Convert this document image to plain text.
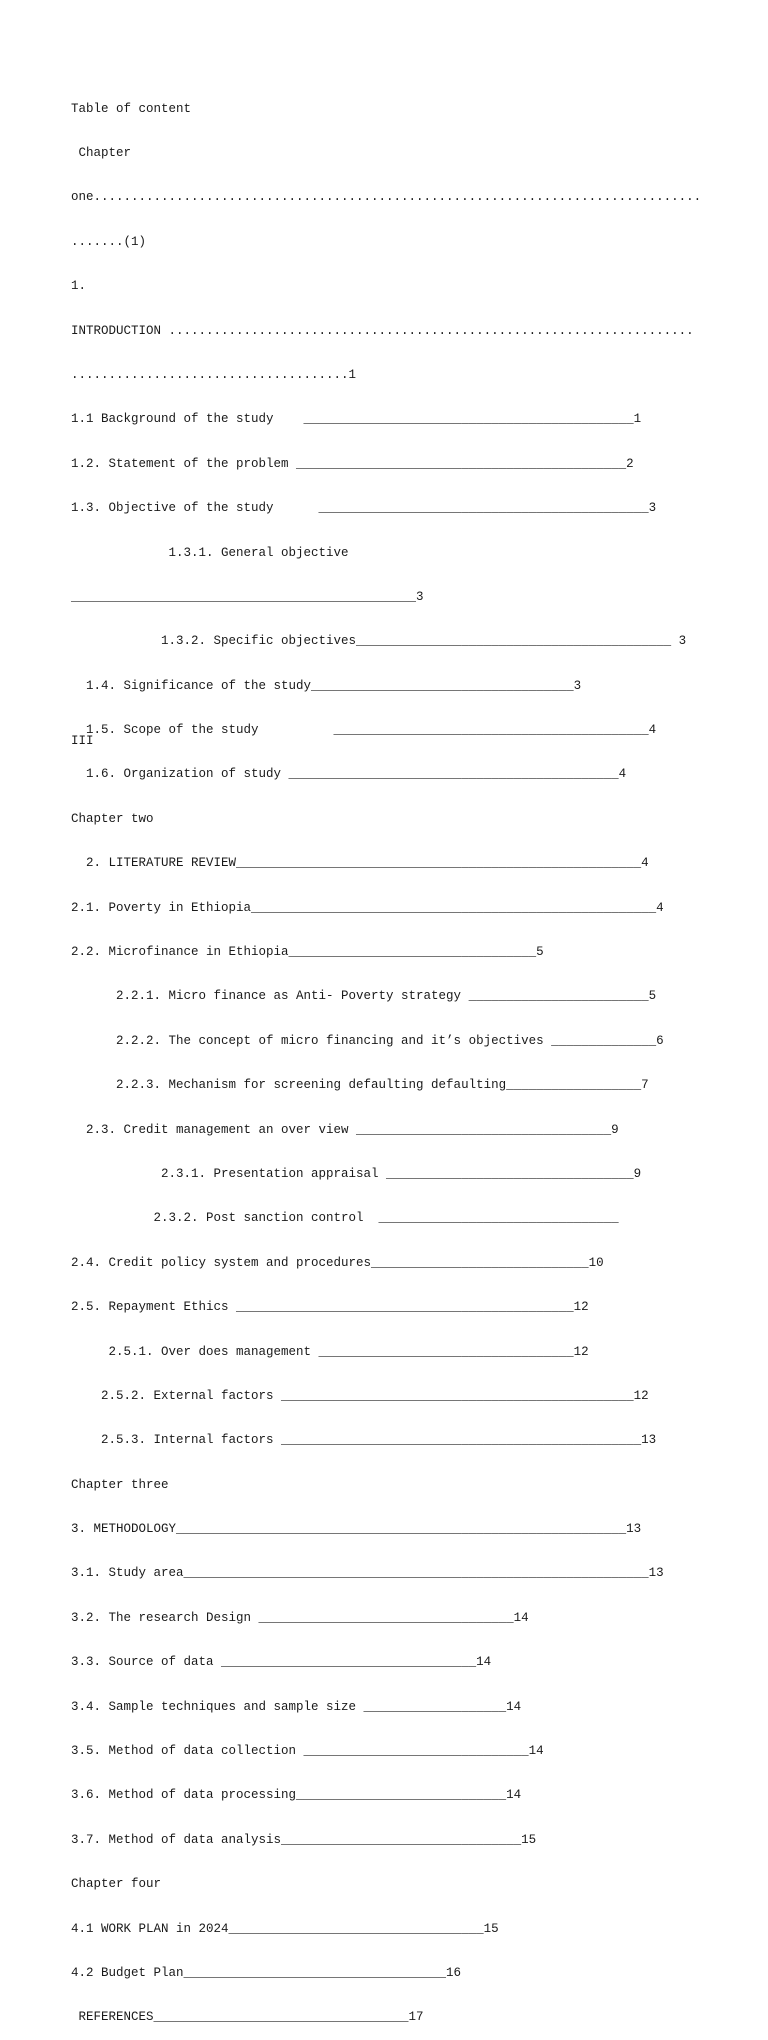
Table of content

Chapter

one.................................................................................

.......(1)

1.

INTRODUCTION ......................................................................

.....................................1

1.1 Background of the study    ____________________________________________1

1.2. Statement of the problem ____________________________________________2

1.3. Objective of the study      ____________________________________________3

1.3.1. General objective

______________________________________________3

1.3.2. Specific objectives__________________________________________ 3

1.4. Significance of the study___________________________________3

1.5. Scope of the study          __________________________________________4

1.6. Organization of study ____________________________________________4

Chapter two

2. LITERATURE REVIEW______________________________________________________4

2.1. Poverty in Ethiopia______________________________________________________4

2.2. Microfinance in Ethiopia_________________________________5

2.2.1. Micro finance as Anti- Poverty strategy ________________________5

2.2.2. The concept of micro financing and it’s objectives ______________6

2.2.3. Mechanism for screening defaulting defaulting__________________7

2.3. Credit management an over view __________________________________9

2.3.1. Presentation appraisal _________________________________9

2.3.2. Post sanction control  ________________________________

2.4. Credit policy system and procedures_____________________________10

2.5. Repayment Ethics _____________________________________________12

2.5.1. Over does management __________________________________12

2.5.2. External factors _______________________________________________12

2.5.3. Internal factors ________________________________________________13

Chapter three

3. METHODOLOGY____________________________________________________________13

3.1. Study area______________________________________________________________13

3.2. The research Design __________________________________14

3.3. Source of data __________________________________14

3.4. Sample techniques and sample size ___________________14

3.5. Method of data collection ______________________________14

3.6. Method of data processing____________________________14

3.7. Method of data analysis________________________________15

Chapter four

4.1 WORK PLAN in 2024__________________________________15

4.2 Budget Plan___________________________________16

REFERENCES__________________________________17

III
